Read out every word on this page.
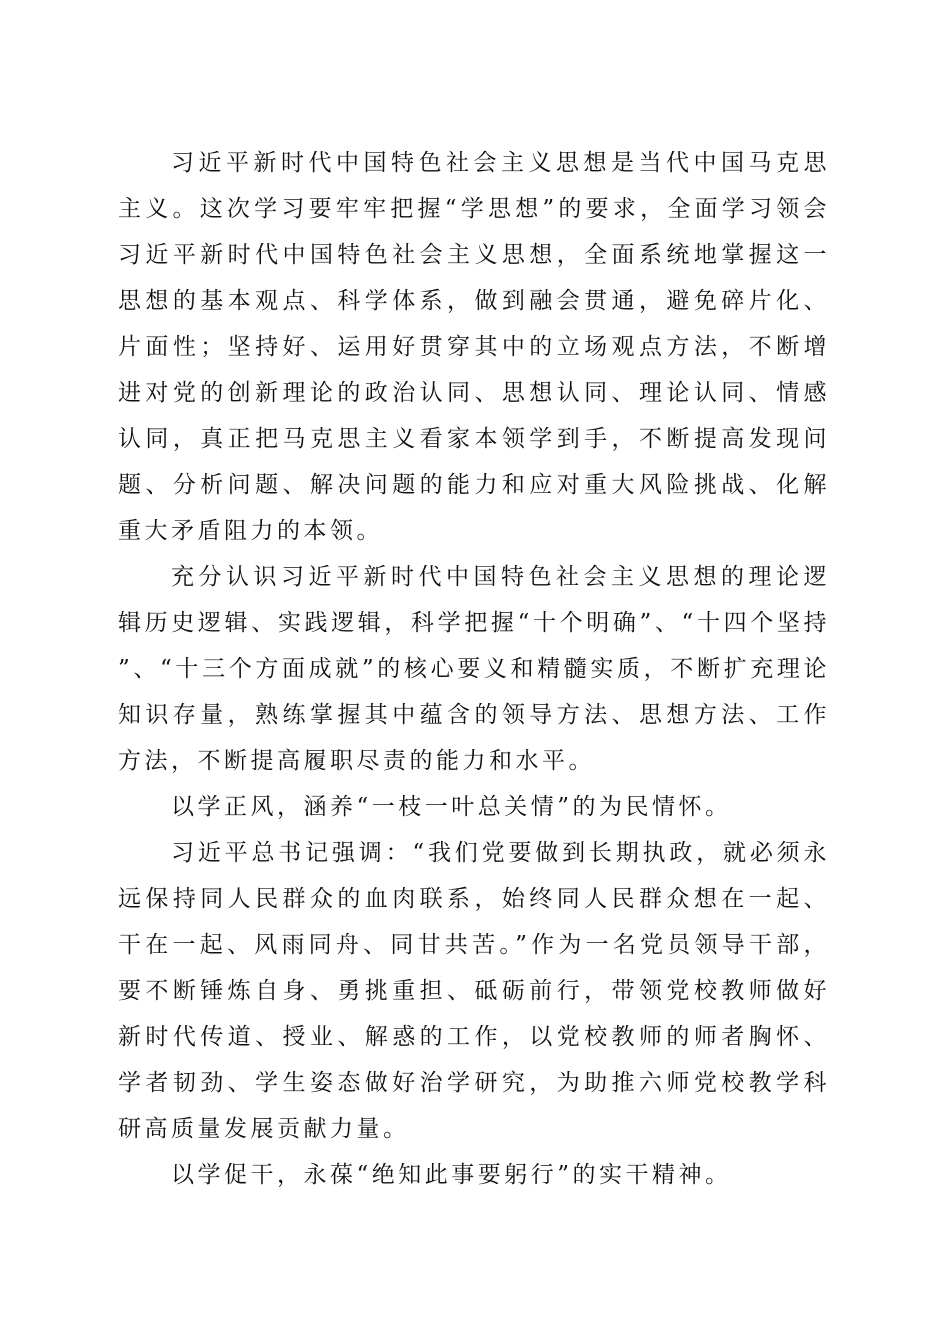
习近平新时代中国特色社会主义思想是当代中国马克思主义。这次学习要牢牢把握“学思想”的要求，全面学习领会习近平新时代中国特色社会主义思想，全面系统地掌握这一思想的基本观点、科学体系，做到融会贯通，避免碎片化、片面性；坚持好、运用好贯穿其中的立场观点方法，不断增进对党的创新理论的政治认同、思想认同、理论认同、情感认同，真正把马克思主义看家本领学到手，不断提高发现问题、分析问题、解决问题的能力和应对重大风险挑战、化解重大矛盾阻力的本领。

充分认识习近平新时代中国特色社会主义思想的理论逻辑历史逻辑、实践逻辑，科学把握“十个明确”、“十四个坚持”、“十三个方面成就”的核心要义和精髓实质，不断扩充理论知识存量，熟练掌握其中蕴含的领导方法、思想方法、工作方法，不断提高履职尽责的能力和水平。

以学正风，涵养“一枝一叶总关情”的为民情怀。

习近平总书记强调：“我们党要做到长期执政，就必须永远保持同人民群众的血肉联系，始终同人民群众想在一起、干在一起、风雨同舟、同甘共苦。”作为一名党员领导干部，要不断锤炼自身、勇挑重担、砥砺前行，带领党校教师做好新时代传道、授业、解惑的工作，以党校教师的师者胸怀、学者韧劲、学生姿态做好治学研究，为助推六师党校教学科研高质量发展贡献力量。

以学促干，永葆“绝知此事要躬行”的实干精神。
